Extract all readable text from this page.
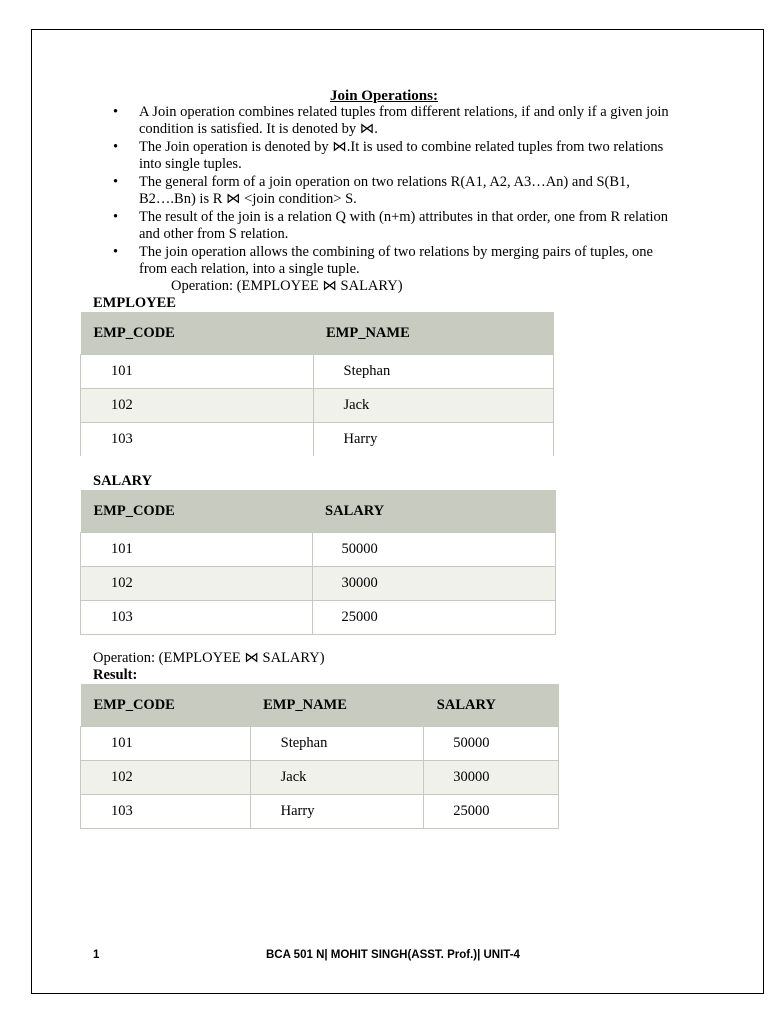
Join Operations:
• A Join operation combines related tuples from different relations, if and only if a given join condition is satisfied. It is denoted by ⋈.
• The Join operation is denoted by ⋈.It is used to combine related tuples from two relations into single tuples.
• The general form of a join operation on two relations R(A1, A2, A3…An) and S(B1, B2….Bn) is R ⋈ <join condition> S.
• The result of the join is a relation Q with (n+m) attributes in that order, one from R relation and other from S relation.
• The join operation allows the combining of two relations by merging pairs of tuples, one from each relation, into a single tuple.
Operation: (EMPLOYEE ⋈ SALARY)
EMPLOYEE
EMP_CODE	EMP_NAME
101	Stephan
102	Jack
103	Harry
SALARY
EMP_CODE	SALARY
101	50000
102	30000
103	25000
Operation: (EMPLOYEE ⋈ SALARY)
Result:
EMP_CODE	EMP_NAME	SALARY
101	Stephan	50000
102	Jack	30000
103	Harry	25000
1	BCA 501 N| MOHIT SINGH(ASST. Prof.)| UNIT-4
